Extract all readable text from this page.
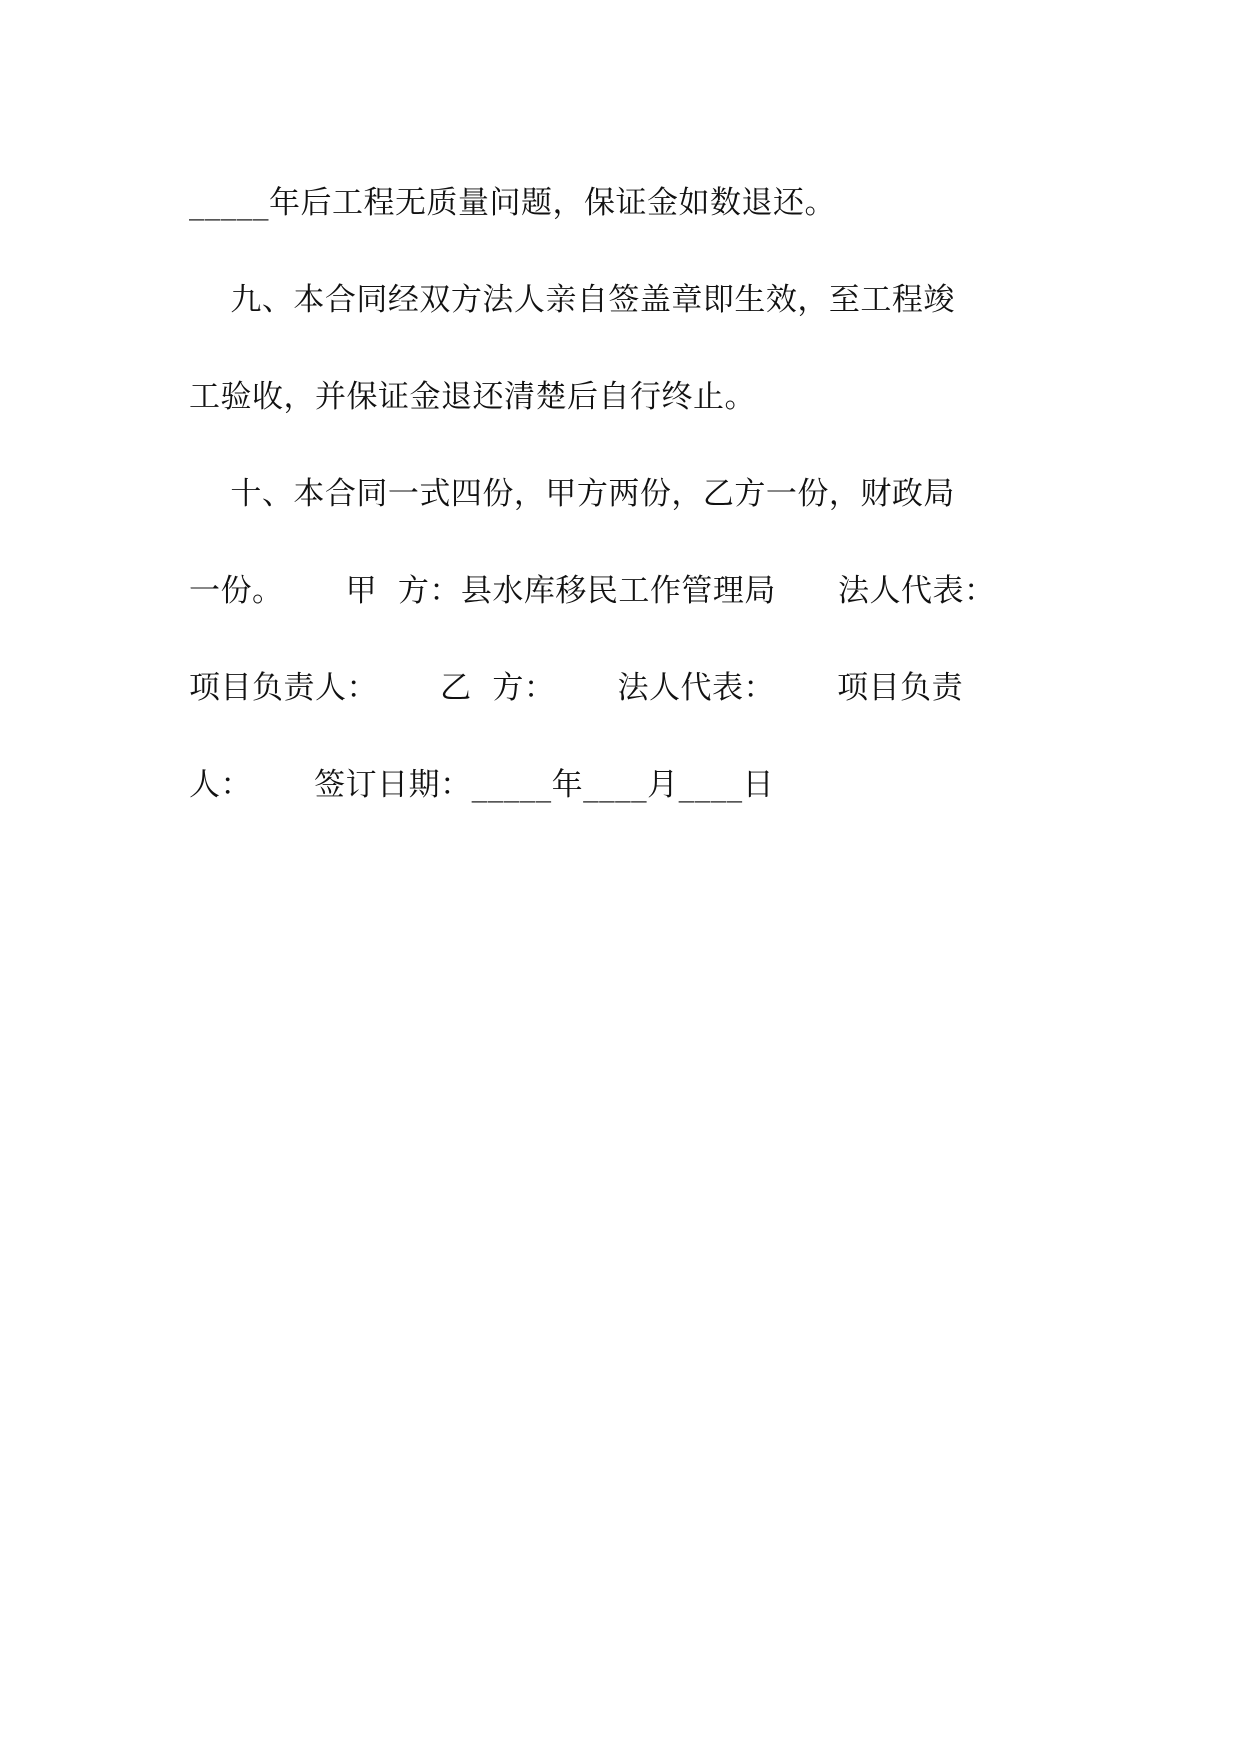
_____年后工程无质量问题，保证金如数退还。
九、本合同经双方法人亲自签盖章即生效，至工程竣
工验收，并保证金退还清楚后自行终止。
十、本合同一式四份，甲方两份，乙方一份，财政局
一份。      甲  方：县水库移民工作管理局      法人代表：
项目负责人：      乙  方：      法人代表：      项目负责
人：      签订日期：_____年____月____日
